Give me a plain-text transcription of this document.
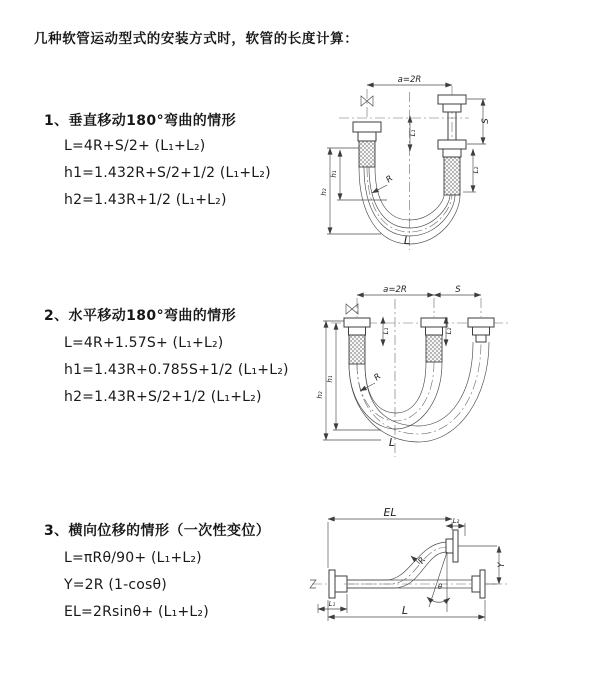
几种软管运动型式的安装方式时，软管的长度计算：
1、垂直移动180°弯曲的情形
L=4R+S/2+ (L₁+L₂)
h1=1.432R+S/2+1/2 (L₁+L₂)
h2=1.43R+1/2 (L₁+L₂)
2、水平移动180°弯曲的情形
L=4R+1.57S+ (L₁+L₂)
h1=1.43R+0.785S+1/2 (L₁+L₂)
h2=1.43R+S/2+1/2 (L₁+L₂)
3、横向位移的情形（一次性变位）
L=πRθ/90+ (L₁+L₂)
Y=2R (1-cosθ)
EL=2Rsinθ+ (L₁+L₂)
a=2R
h₂
h₁
L₁
S
L₂
R
L
a=2R	S
h₂
h₁
L₁	L₂
R
L
θ
EL
L₂
Y
R
L₁	L
